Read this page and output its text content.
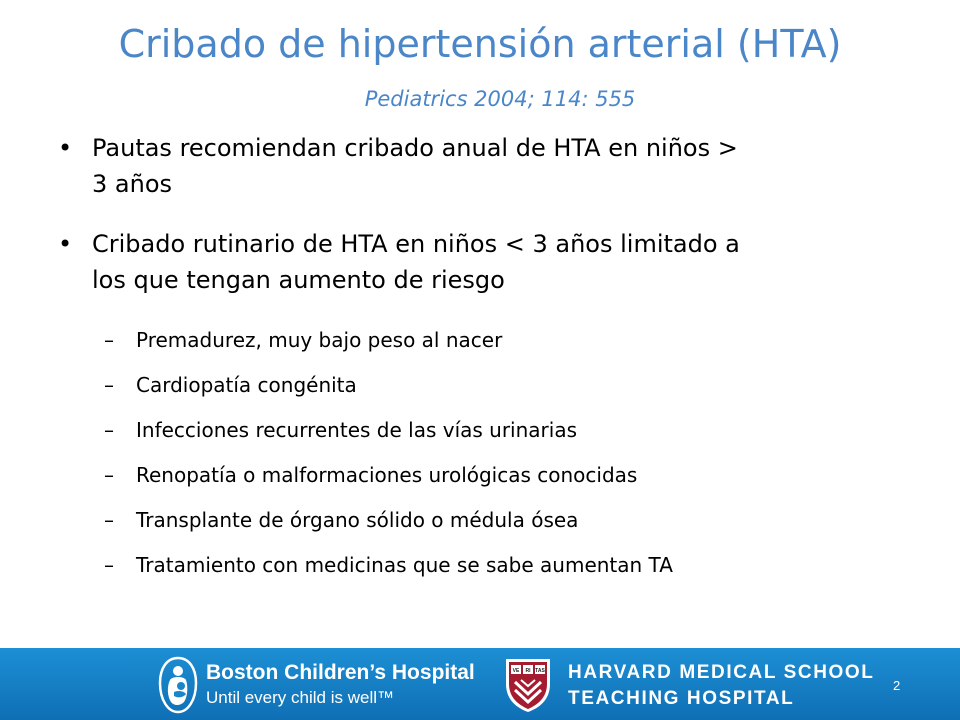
Cribado de hipertensión arterial (HTA)
Pediatrics 2004; 114: 555
• Pautas recomiendan cribado anual de HTA en niños >
3 años
• Cribado rutinario de HTA en niños < 3 años limitado a
los que tengan aumento de riesgo
– Premadurez, muy bajo peso al nacer
– Cardiopatía congénita
– Infecciones recurrentes de las vías urinarias
– Renopatía o malformaciones urológicas conocidas
– Transplante de órgano sólido o médula ósea
– Tratamiento con medicinas que se sabe aumentan TA
Boston Children’s Hospital
Until every child is well™
VE RI TAS HARVARD MEDICAL SCHOOL
TEACHING HOSPITAL
2
